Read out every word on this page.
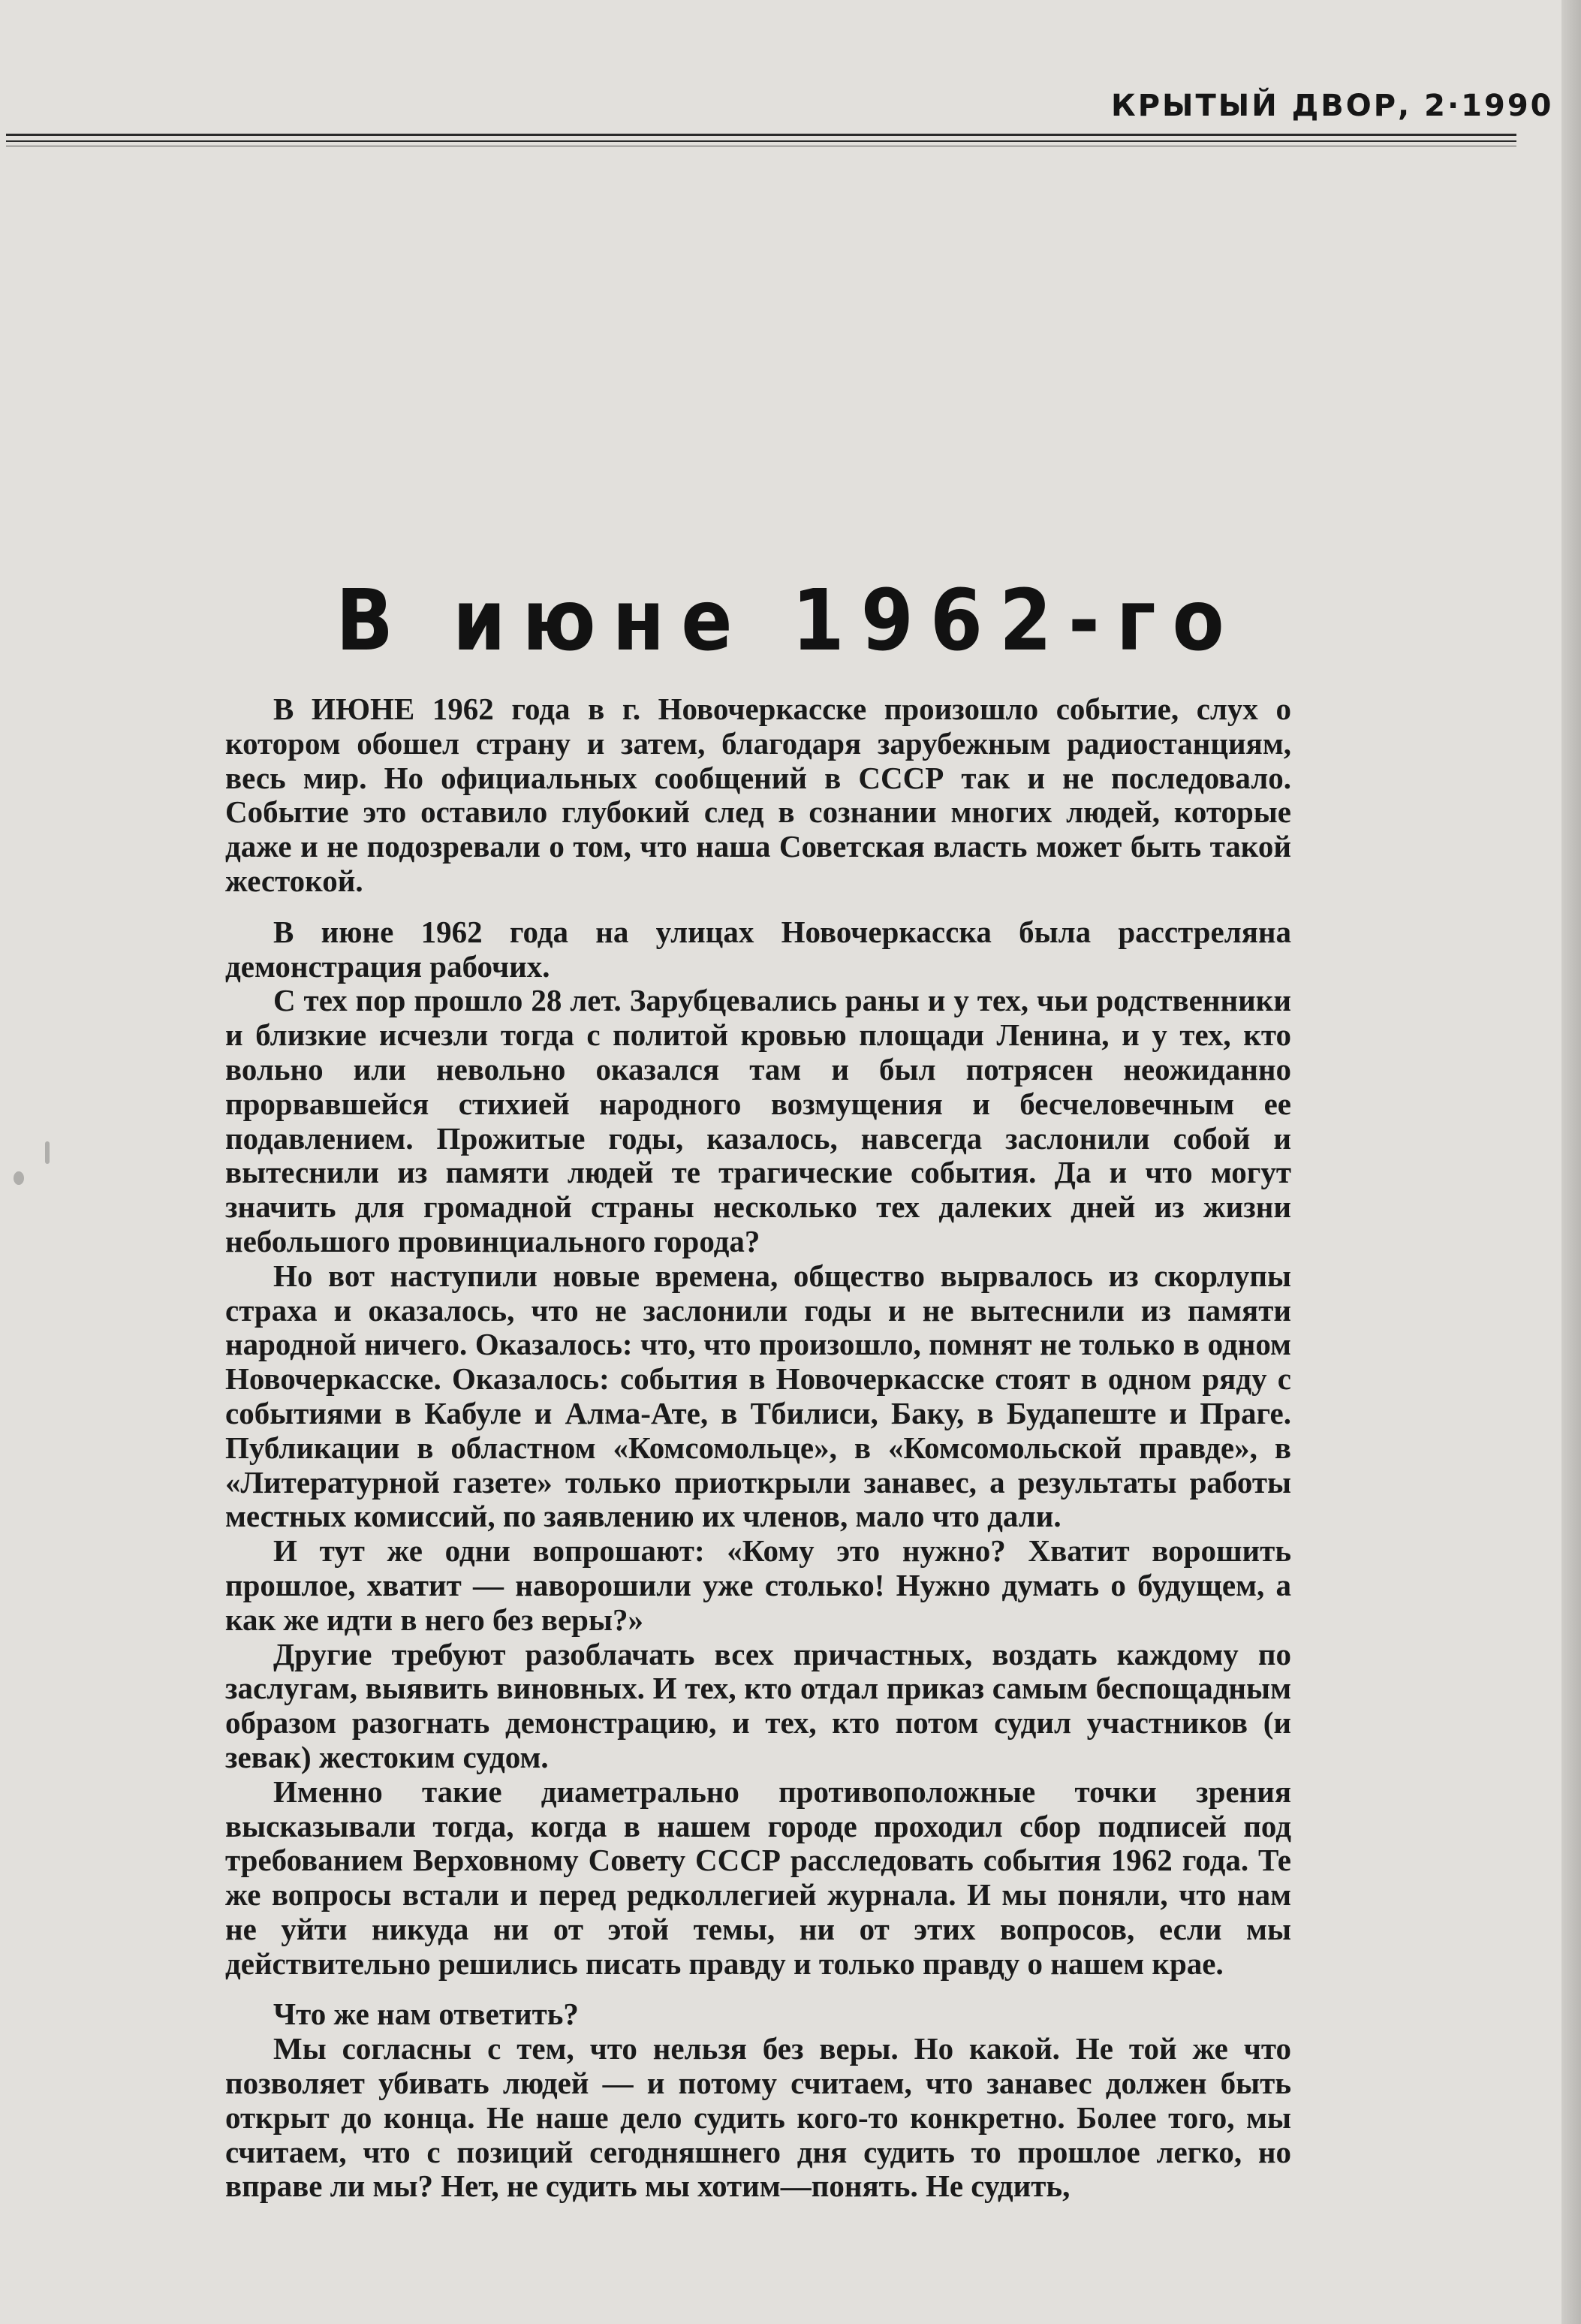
КРЫТЫЙ ДВОР, 2·1990
В июне 1962-го

В ИЮНЕ 1962 года в г. Новочеркасске произошло событие, слух о котором обошел страну и затем, благодаря зарубежным радиостанциям, весь мир. Но официальных сообщений в СССР так и не последовало. Событие это оставило глубокий след в сознании многих людей, которые даже и не подозревали о том, что наша Советская власть может быть такой жестокой.

В июне 1962 года на улицах Новочеркасска была расстреляна демонстрация рабочих.

С тех пор прошло 28 лет. Зарубцевались раны и у тех, чьи родственники и близкие исчезли тогда с политой кровью площади Ленина, и у тех, кто вольно или невольно оказался там и был потрясен неожиданно прорвавшейся стихией народного возмущения и бесчеловечным ее подавлением. Прожитые годы, казалось, навсегда заслонили собой и вытеснили из памяти людей те трагические события. Да и что могут значить для громадной страны несколько тех далеких дней из жизни небольшого провинциального города?

Но вот наступили новые времена, общество вырвалось из скорлупы страха и оказалось, что не заслонили годы и не вытеснили из памяти народной ничего. Оказалось: что, что произошло, помнят не только в одном Новочеркасске. Оказалось: события в Новочеркасске стоят в одном ряду с событиями в Кабуле и Алма-Ате, в Тбилиси, Баку, в Будапеште и Праге. Публикации в областном «Комсомольце», в «Комсомольской правде», в «Литературной газете» только приоткрыли занавес, а результаты работы местных комиссий, по заявлению их членов, мало что дали.

И тут же одни вопрошают: «Кому это нужно? Хватит ворошить прошлое, хватит — наворошили уже столько! Нужно думать о будущем, а как же идти в него без веры?»

Другие требуют разоблачать всех причастных, воздать каждому по заслугам, выявить виновных. И тех, кто отдал приказ самым беспощадным образом разогнать демонстрацию, и тех, кто потом судил участников (и зевак) жестоким судом.

Именно такие диаметрально противоположные точки зрения высказывали тогда, когда в нашем городе проходил сбор подписей под требованием Верховному Совету СССР расследовать события 1962 года. Те же вопросы встали и перед редколлегией журнала. И мы поняли, что нам не уйти никуда ни от этой темы, ни от этих вопросов, если мы действительно решились писать правду и только правду о нашем крае.

Что же нам ответить?

Мы согласны с тем, что нельзя без веры. Но какой. Не той же что позволяет убивать людей — и потому считаем, что занавес должен быть открыт до конца. Не наше дело судить кого-то конкретно. Более того, мы считаем, что с позиций сегодняшнего дня судить то прошлое легко, но вправе ли мы? Нет, не судить мы хотим—понять. Не судить,
